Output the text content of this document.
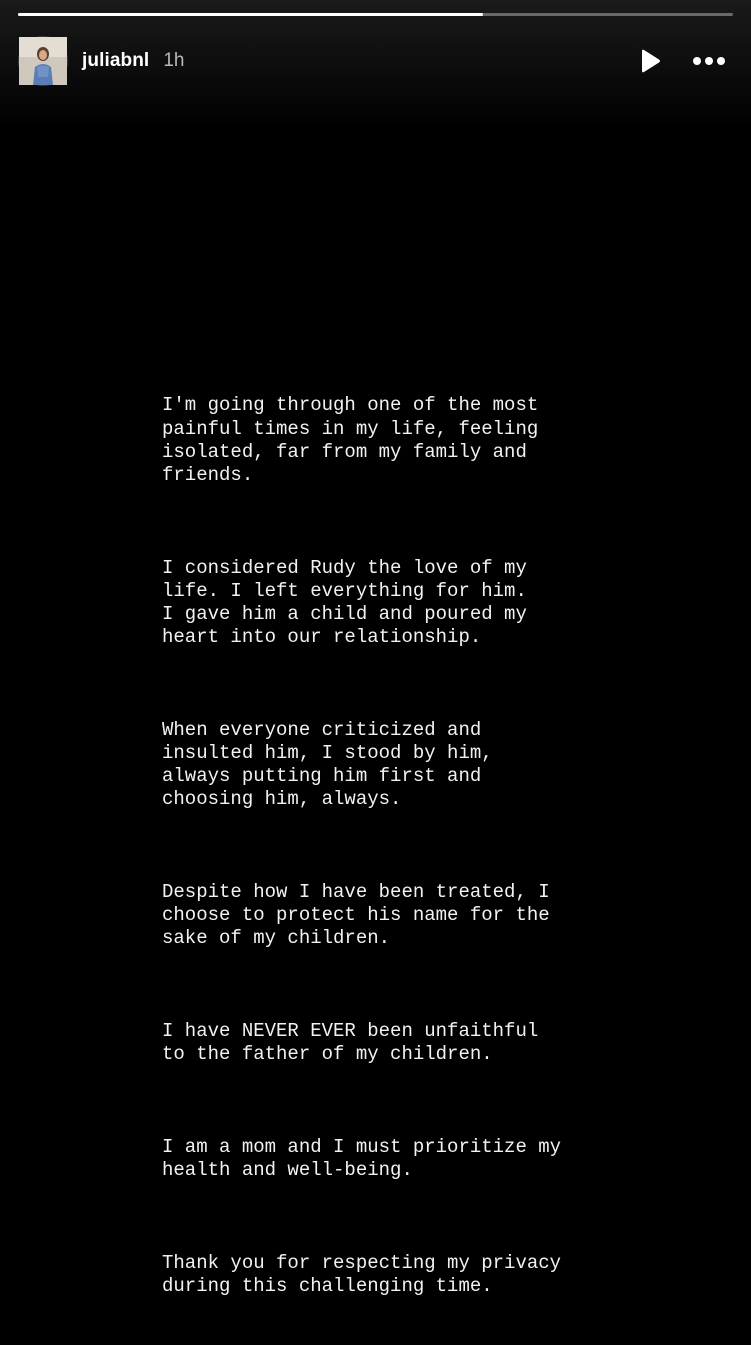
juliabnl 1h

I'm going through one of the most
painful times in my life, feeling
isolated, far from my family and
friends.

I considered Rudy the love of my
life. I left everything for him.
I gave him a child and poured my
heart into our relationship.

When everyone criticized and
insulted him, I stood by him,
always putting him first and
choosing him, always.

Despite how I have been treated, I
choose to protect his name for the
sake of my children.

I have NEVER EVER been unfaithful
to the father of my children.

I am a mom and I must prioritize my
health and well-being.

Thank you for respecting my privacy
during this challenging time.
